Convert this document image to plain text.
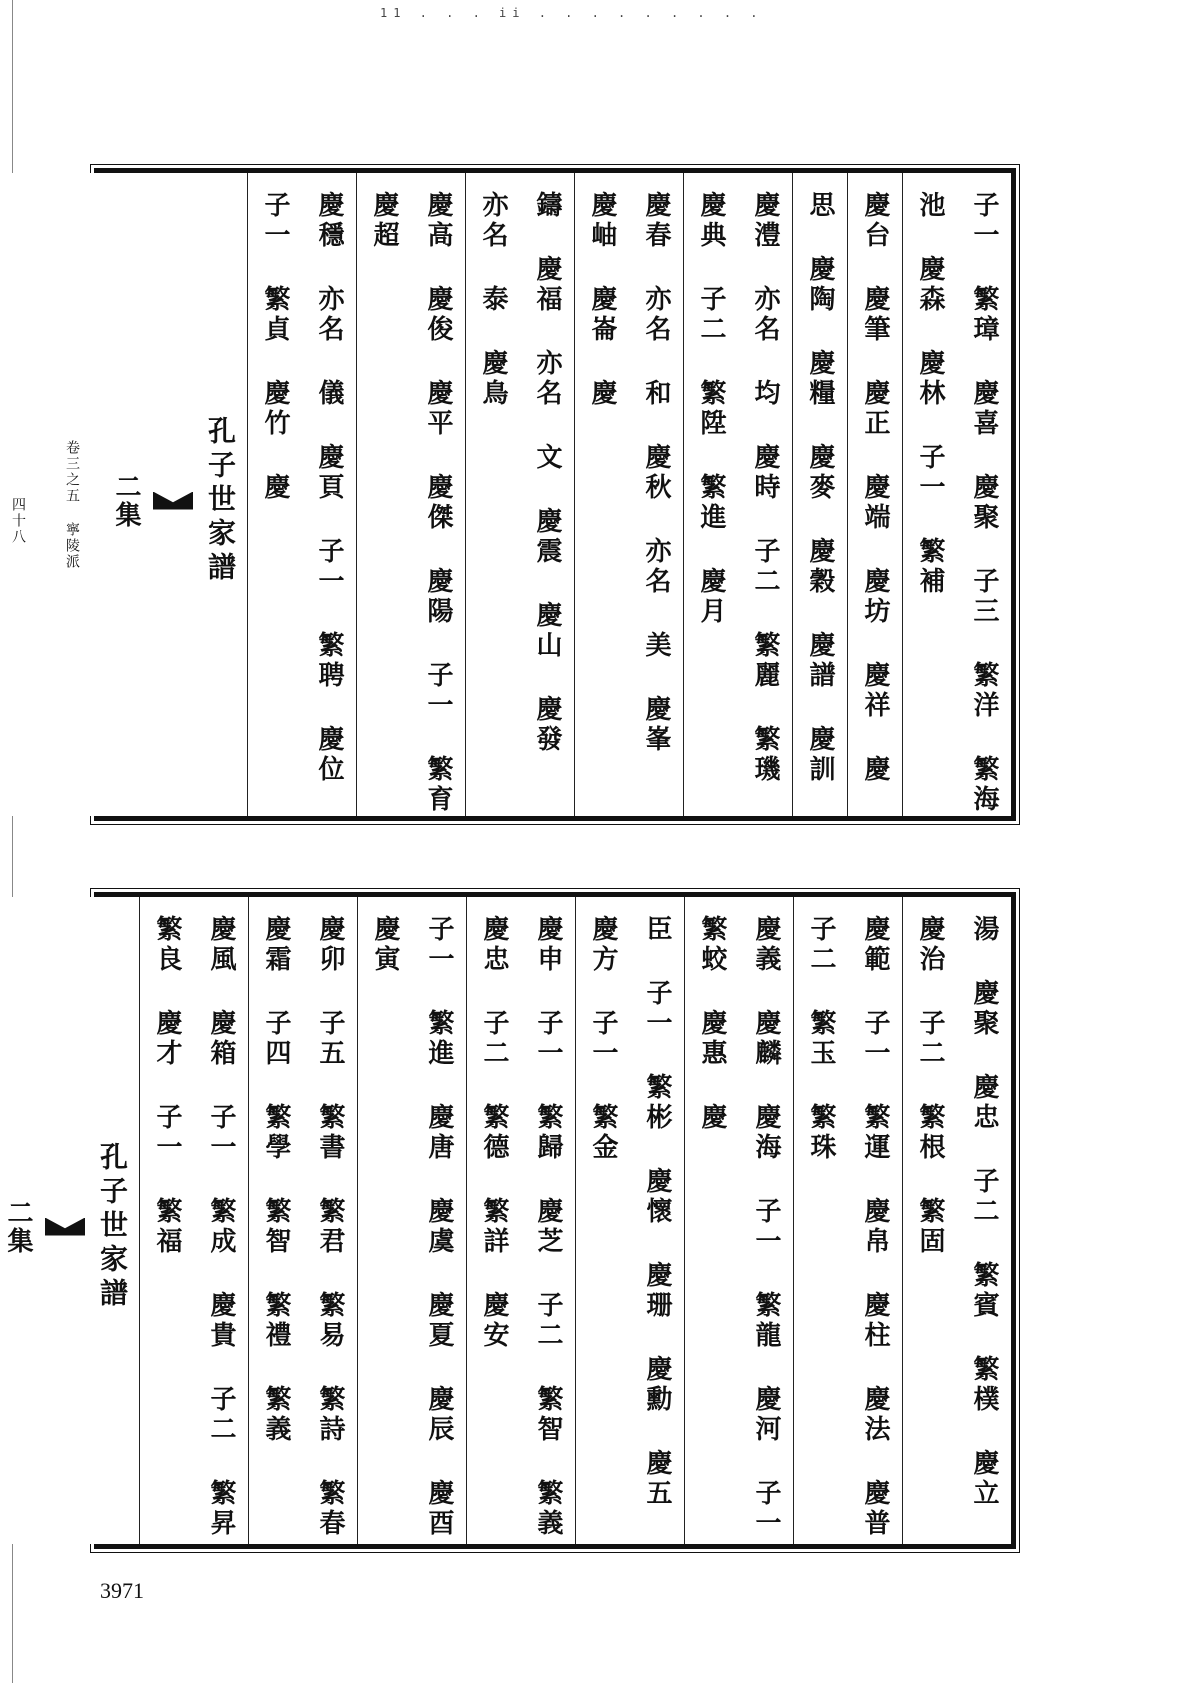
11 . . . ii . . . . . . . . .
子一 繁璋 慶喜 慶聚 子三 繁洋 繁海 池 慶森 慶林 子一 繁補
慶台 慶筆 慶正 慶端 慶坊 慶祥 慶
思 慶陶 慶糧 慶麥 慶穀 慶譜 慶訓
慶澧 亦名 均 慶時 子二 繁麗 繁璣 慶典 子二 繁陞 繁進 慶月
慶春 亦名 和 慶秋 亦名 美 慶峯 慶岫 慶崙 慶
鑄 慶福 亦名 文 慶震 慶山 慶發 亦名 泰 慶鳥
慶高 慶俊 慶平 慶傑 慶陽 子一 繁育 慶超
慶穩 亦名 儀 慶頁 子一 繁聘 慶位 子一 繁貞 慶竹 慶
孔子世家譜
二集
卷三之五 寧陵派
四十八
湯 慶聚 慶忠 子二 繁賓 繁樸 慶立 慶治 子二 繁根 繁固
慶範 子一 繁運 慶帛 慶柱 慶法 慶普 子二 繁玉 繁珠
慶義 慶麟 慶海 子一 繁龍 慶河 子一 繁蛟 慶惠 慶
臣 子一 繁彬 慶懷 慶珊 慶勳 慶五 慶方 子一 繁金
慶申 子一 繁歸 慶芝 子二 繁智 繁義 慶忠 子二 繁德 繁詳 慶安
子一 繁進 慶唐 慶虞 慶夏 慶辰 慶酉 慶寅
慶卯 子五 繁書 繁君 繁易 繁詩 繁春 慶霜 子四 繁學 繁智 繁禮 繁義
慶風 慶箱 子一 繁成 慶貴 子二 繁昇 繁良 慶才 子一 繁福
孔子世家譜
二集
3971
